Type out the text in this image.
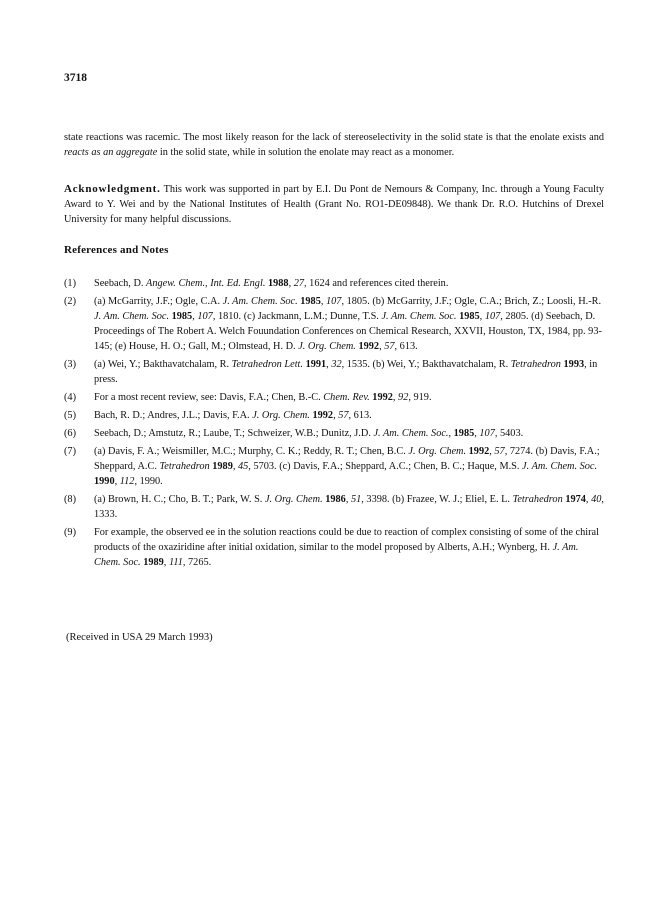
3718
state reactions was racemic. The most likely reason for the lack of stereoselectivity in the solid state is that the enolate exists and reacts as an aggregate in the solid state, while in solution the enolate may react as a monomer.
Acknowledgment. This work was supported in part by E.I. Du Pont de Nemours & Company, Inc. through a Young Faculty Award to Y. Wei and by the National Institutes of Health (Grant No. RO1-DE09848). We thank Dr. R.O. Hutchins of Drexel University for many helpful discussions.
References and Notes
(1) Seebach, D. Angew. Chem., Int. Ed. Engl. 1988, 27, 1624 and references cited therein.
(2) (a) McGarrity, J.F.; Ogle, C.A. J. Am. Chem. Soc. 1985, 107, 1805. (b) McGarrity, J.F.; Ogle, C.A.; Brich, Z.; Loosli, H.-R. J. Am. Chem. Soc. 1985, 107, 1810. (c) Jackmann, L.M.; Dunne, T.S. J. Am. Chem. Soc. 1985, 107, 2805. (d) Seebach, D. Proceedings of The Robert A. Welch Fouundation Conferences on Chemical Research, XXVII, Houston, TX, 1984, pp. 93-145; (e) House, H. O.; Gall, M.; Olmstead, H. D. J. Org. Chem. 1992, 57, 613.
(3) (a) Wei, Y.; Bakthavatchalam, R. Tetrahedron Lett. 1991, 32, 1535. (b) Wei, Y.; Bakthavatchalam, R. Tetrahedron 1993, in press.
(4) For a most recent review, see: Davis, F.A.; Chen, B.-C. Chem. Rev. 1992, 92, 919.
(5) Bach, R. D.; Andres, J.L.; Davis, F.A. J. Org. Chem. 1992, 57, 613.
(6) Seebach, D.; Amstutz, R.; Laube, T.; Schweizer, W.B.; Dunitz, J.D. J. Am. Chem. Soc., 1985, 107, 5403.
(7) (a) Davis, F. A.; Weismiller, M.C.; Murphy, C. K.; Reddy, R. T.; Chen, B.C. J. Org. Chem. 1992, 57, 7274. (b) Davis, F.A.; Sheppard, A.C. Tetrahedron 1989, 45, 5703. (c) Davis, F.A.; Sheppard, A.C.; Chen, B. C.; Haque, M.S. J. Am. Chem. Soc. 1990, 112, 1990.
(8) (a) Brown, H. C.; Cho, B. T.; Park, W. S. J. Org. Chem. 1986, 51, 3398. (b) Frazee, W. J.; Eliel, E. L. Tetrahedron 1974, 40, 1333.
(9) For example, the observed ee in the solution reactions could be due to reaction of complex consisting of some of the chiral products of the oxaziridine after initial oxidation, similar to the model proposed by Alberts, A.H.; Wynberg, H. J. Am. Chem. Soc. 1989, 111, 7265.
(Received in USA 29 March 1993)
